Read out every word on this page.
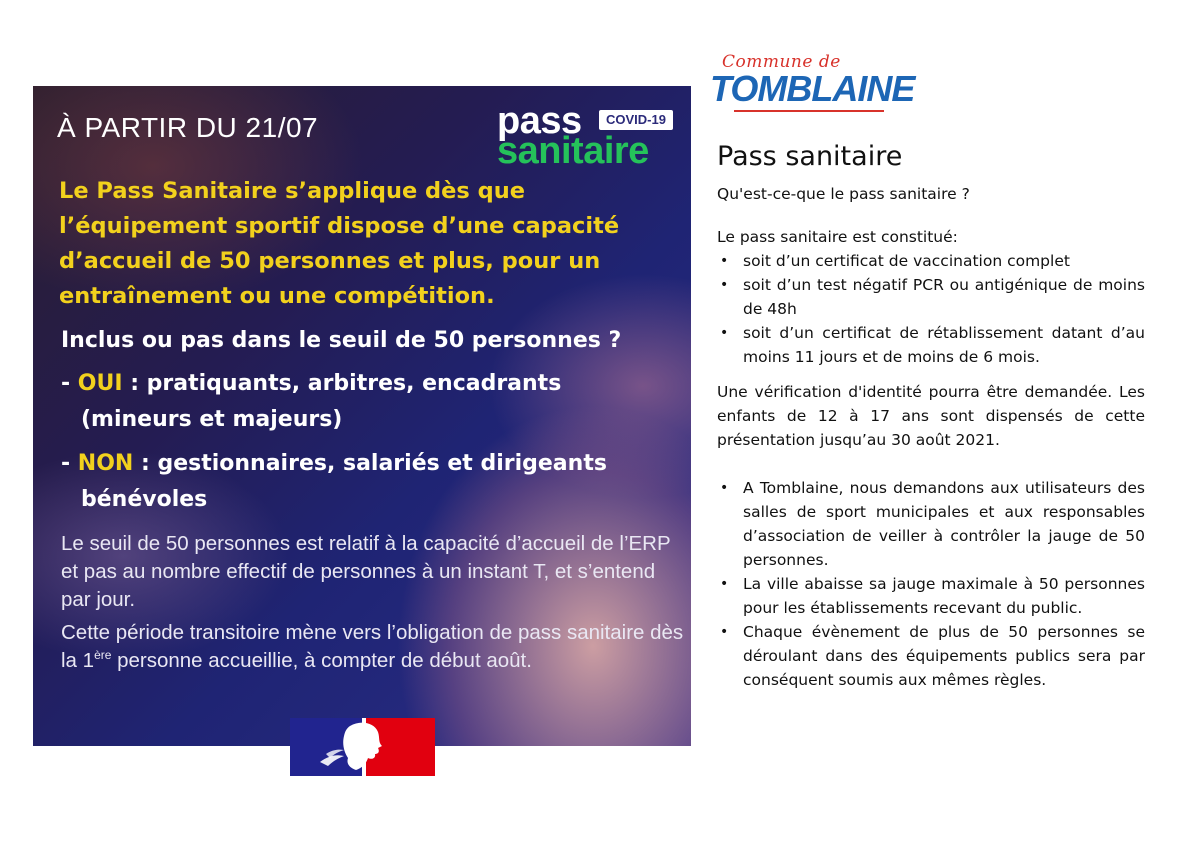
À PARTIR DU 21/07	pass	COVID-19
sanitaire
Le Pass Sanitaire s’applique dès que l’équipement sportif dispose d’une capacité d’accueil de 50 personnes et plus, pour un entraînement ou une compétition.
Inclus ou pas dans le seuil de 50 personnes ?
- OUI : pratiquants, arbitres, encadrants
(mineurs et majeurs)
- NON : gestionnaires, salariés et dirigeants
bénévoles
Le seuil de 50 personnes est relatif à la capacité d’accueil de l’ERP et pas au nombre effectif de personnes à un instant T, et s’entend par jour.
Cette période transitoire mène vers l’obligation de pass sanitaire dès la 1ère personne accueillie, à compter de début août.
Commune de
TOMBLAINE
Pass sanitaire
Qu'est-ce-que le pass sanitaire ?
Le pass sanitaire est constitué:
• soit d’un certificat de vaccination complet
• soit d’un test négatif PCR ou antigénique de moins de 48h
• soit d’un certificat de rétablissement datant d’au moins 11 jours et de moins de 6 mois.
Une vérification d'identité pourra être demandée. Les enfants de 12 à 17 ans sont dispensés de cette présentation jusqu’au 30 août 2021.
• A Tomblaine, nous demandons aux utilisateurs des salles de sport municipales et aux responsables d’association de veiller à contrôler la jauge de 50 personnes.
• La ville abaisse sa jauge maximale à 50 personnes pour les établissements recevant du public.
• Chaque évènement de plus de 50 personnes se déroulant dans des équipements publics sera par conséquent soumis aux mêmes règles.
